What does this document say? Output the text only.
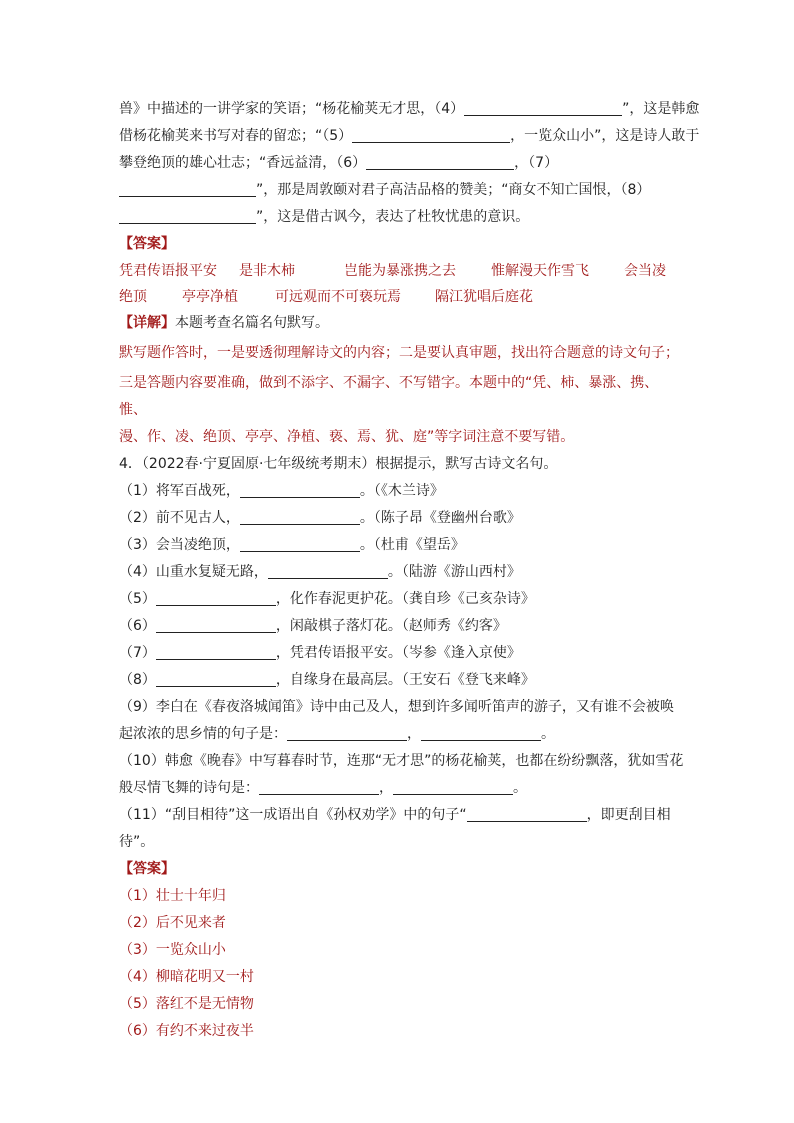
兽》中描述的一讲学家的笑语；“杨花榆荚无才思，（4）	”，这是韩愈
借杨花榆荚来书写对春的留恋；“（5）	，一览众山小”，这是诗人敢于
攀登绝顶的雄心壮志；“香远益清，（6）	，（7）
”，那是周敦颐对君子高洁品格的赞美；“商女不知亡国恨，（8）
”，这是借古讽今，表达了杜牧忧患的意识。
【答案】
凭君传语报平安 是非木柿	岂能为暴涨携之去	惟解漫天作雪飞	会当凌
绝顶	亭亭净植	可远观而不可亵玩焉 隔江犹唱后庭花
【详解】本题考查名篇名句默写。
默写题作答时，一是要透彻理解诗文的内容；二是要认真审题，找出符合题意的诗文句子；
三是答题内容要准确，做到不添字、不漏字、不写错字。本题中的“凭、柿、暴涨、携、惟、
漫、作、凌、绝顶、亭亭、净植、亵、焉、犹、庭”等字词注意不要写错。
4．（2022春·宁夏固原·七年级统考期末）根据提示，默写古诗文名句。
（1）将军百战死，	。（《木兰诗》
（2）前不见古人，	。（陈子昂《登幽州台歌》
（3）会当凌绝顶，	。（杜甫《望岳》
（4）山重水复疑无路，	。（陆游《游山西村》
（5）	，化作春泥更护花。（龚自珍《己亥杂诗》
（6）	，闲敲棋子落灯花。（赵师秀《约客》
（7）	，凭君传语报平安。（岑参《逢入京使》
（8）	，自缘身在最高层。（王安石《登飞来峰》
（9）李白在《春夜洛城闻笛》诗中由己及人，想到许多闻听笛声的游子，又有谁不会被唤
起浓浓的思乡情的句子是：	，	。
（10）韩愈《晚春》中写暮春时节，连那“无才思”的杨花榆荚，也都在纷纷飘落，犹如雪花
般尽情飞舞的诗句是：	，	。
（11）“刮目相待”这一成语出自《孙权劝学》中的句子“	，即更刮目相
待”。
【答案】
（1）壮士十年归
（2）后不见来者
（3）一览众山小
（4）柳暗花明又一村
（5）落红不是无情物
（6）有约不来过夜半
